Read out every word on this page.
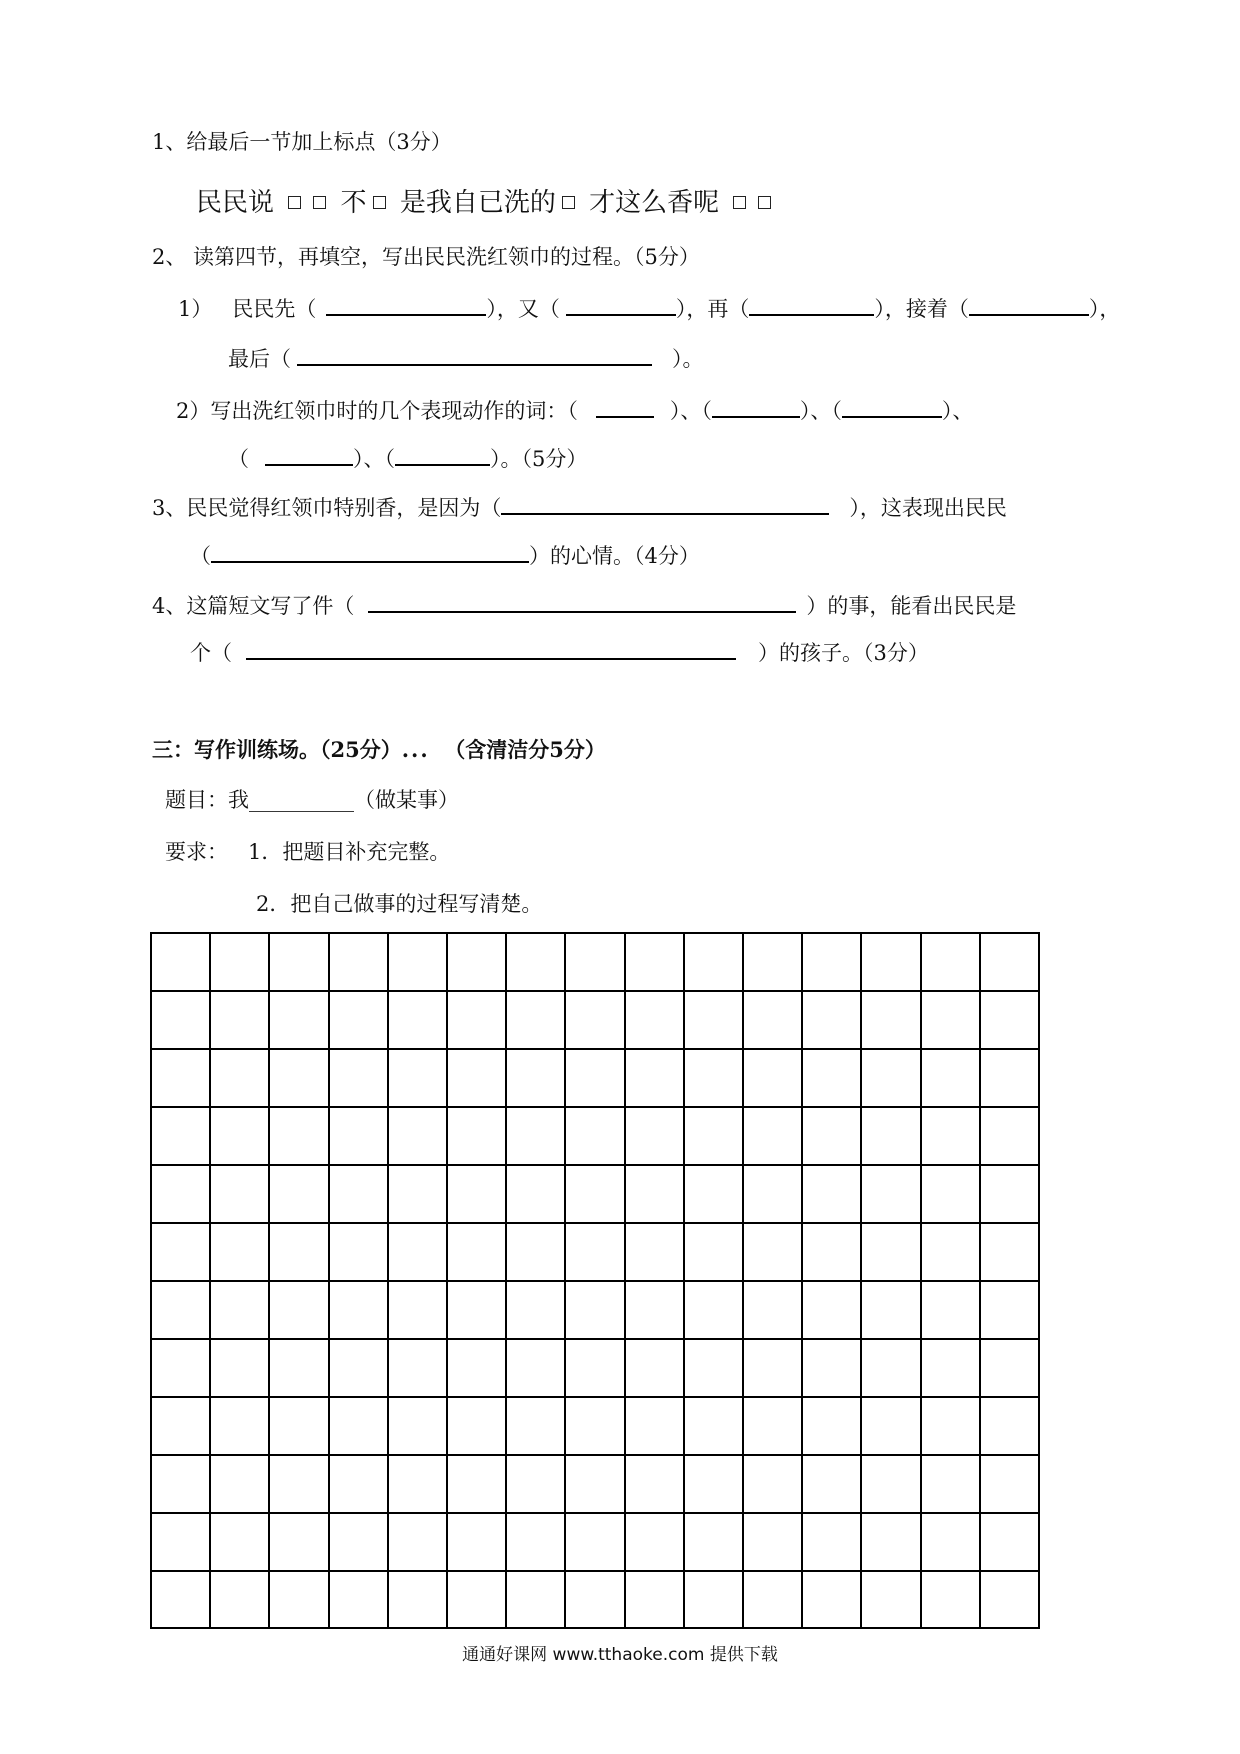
1、给最后一节加上标点（3分）
民民说	不 是我自已洗的 才这么香呢
2、 读第四节，再填空，写出民民洗红领巾的过程。（5分）
1） 民民先（	），又（	），再（	），接着（	），
最后（	）。
2）写出洗红领巾时的几个表现动作的词：（	）、（	）、（	）、
（	）、（	）。（5分）
3、民民觉得红领巾特别香，是因为（	），这表现出民民
（	）的心情。（4分）
4、这篇短文写了件（	）的事，能看出民民是
个（	）的孩子。（3分）
三：写作训练场。（25分）... （含清洁分5分）
题目：我__________（做某事）
要求： 1．把题目补充完整。
2．把自己做事的过程写清楚。
通通好课网 www.tthaoke.com 提供下载
